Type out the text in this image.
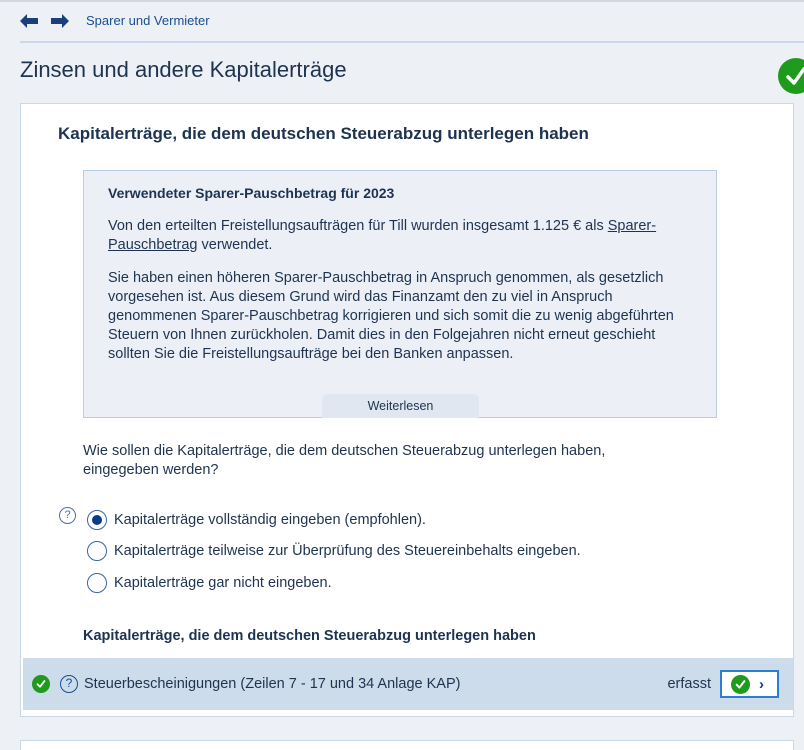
Sparer und Vermieter
Zinsen und andere Kapitalerträge
Kapitalerträge, die dem deutschen Steuerabzug unterlegen haben
Verwendeter Sparer-Pauschbetrag für 2023
Von den erteilten Freistellungsaufträgen für Till wurden insgesamt 1.125 € als Sparer-Pauschbetrag verwendet.
Sie haben einen höheren Sparer-Pauschbetrag in Anspruch genommen, als gesetzlich vorgesehen ist. Aus diesem Grund wird das Finanzamt den zu viel in Anspruch genommenen Sparer-Pauschbetrag korrigieren und sich somit die zu wenig abgeführten Steuern von Ihnen zurückholen. Damit dies in den Folgejahren nicht erneut geschieht sollten Sie die Freistellungsaufträge bei den Banken anpassen.
Weiterlesen
Wie sollen die Kapitalerträge, die dem deutschen Steuerabzug unterlegen haben, eingegeben werden?
?	Kapitalerträge vollständig eingeben (empfohlen).
Kapitalerträge teilweise zur Überprüfung des Steuereinbehalts eingeben.
Kapitalerträge gar nicht eingeben.
Kapitalerträge, die dem deutschen Steuerabzug unterlegen haben
? Steuerbescheinigungen (Zeilen 7 - 17 und 34 Anlage KAP)	erfasst	›
